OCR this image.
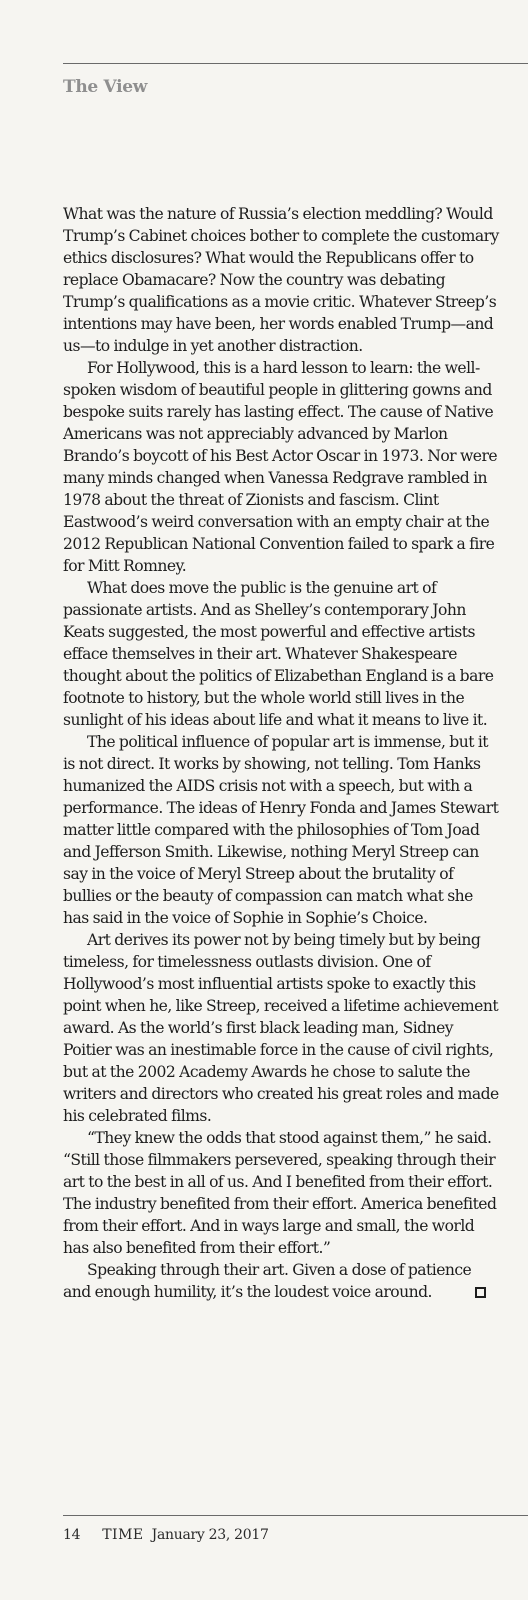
The View

What was the nature of Russia’s election meddling? Would Trump’s Cabinet choices bother to complete the customary ethics disclosures? What would the Republicans offer to replace Obamacare? Now the country was debating Trump’s qualifications as a movie critic. Whatever Streep’s intentions may have been, her words enabled Trump—and us—to indulge in yet another distraction.

For Hollywood, this is a hard lesson to learn: the well-spoken wisdom of beautiful people in glittering gowns and bespoke suits rarely has lasting effect. The cause of Native Americans was not appreciably advanced by Marlon Brando’s boycott of his Best Actor Oscar in 1973. Nor were many minds changed when Vanessa Redgrave rambled in 1978 about the threat of Zionists and fascism. Clint Eastwood’s weird conversation with an empty chair at the 2012 Republican National Convention failed to spark a fire for Mitt Romney.

What does move the public is the genuine art of passionate artists. And as Shelley’s contemporary John Keats suggested, the most powerful and effective artists efface themselves in their art. Whatever Shakespeare thought about the politics of Elizabethan England is a bare footnote to history, but the whole world still lives in the sunlight of his ideas about life and what it means to live it.

The political influence of popular art is immense, but it is not direct. It works by showing, not telling. Tom Hanks humanized the AIDS crisis not with a speech, but with a performance. The ideas of Henry Fonda and James Stewart matter little compared with the philosophies of Tom Joad and Jefferson Smith. Likewise, nothing Meryl Streep can say in the voice of Meryl Streep about the brutality of bullies or the beauty of compassion can match what she has said in the voice of Sophie in Sophie’s Choice.

Art derives its power not by being timely but by being timeless, for timelessness outlasts division. One of Hollywood’s most influential artists spoke to exactly this point when he, like Streep, received a lifetime achievement award. As the world’s first black leading man, Sidney Poitier was an inestimable force in the cause of civil rights, but at the 2002 Academy Awards he chose to salute the writers and directors who created his great roles and made his celebrated films.

“They knew the odds that stood against them,” he said. “Still those filmmakers persevered, speaking through their art to the best in all of us. And I benefited from their effort. The industry benefited from their effort. America benefited from their effort. And in ways large and small, the world has also benefited from their effort.”

Speaking through their art. Given a dose of patience and enough humility, it’s the loudest voice around.

14 TIME January 23, 2017
